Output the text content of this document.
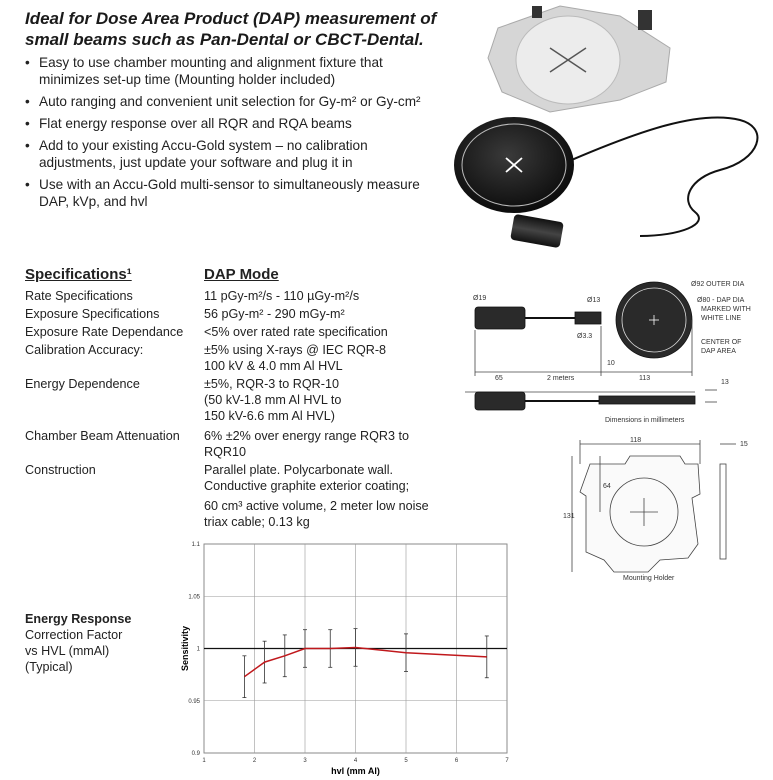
Ideal for Dose Area Product (DAP) measurement of
small beams such as Pan-Dental or CBCT-Dental.
• Easy to use chamber mounting and alignment fixture that
minimizes set-up time (Mounting holder included)
• Auto ranging and convenient unit selection for Gy-m² or Gy-cm²
• Flat energy response over all RQR and RQA beams
• Add to your existing Accu-Gold system – no calibration
adjustments, just update your software and plug it in
• Use with an Accu-Gold multi-sensor to simultaneously measure
DAP, kVp, and hvl
Specifications¹	DAP Mode
Rate Specifications	11 pGy-m²/s - 110 µGy-m²/s
Exposure Specifications	56 pGy-m² - 290 mGy-m²
Exposure Rate Dependance	<5% over rated rate specification
Calibration Accuracy:	±5% using X-rays @ IEC RQR-8
100 kV & 4.0 mm Al HVL
Energy Dependence	±5%, RQR-3 to RQR-10
(50 kV-1.8 mm Al HVL to
150 kV-6.6 mm Al HVL)
Chamber Beam Attenuation	6% ±2% over energy range RQR3 to
RQR10
Construction	Parallel plate. Polycarbonate wall.
Conductive graphite exterior coating;
60 cm³ active volume, 2 meter low noise
triax cable; 0.13 kg
Energy Response
Correction Factor
vs HVL (mmAl)
(Typical)
Ø19	Ø13
Ø3.3
Ø92 OUTER DIA
Ø80 - DAP DIA
MARKED WITH
WHITE LINE
CENTER OF
DAP AREA
10
65	2 meters	113
13
Dimensions in millimeters
118
15
131
64
Mounting Holder
1	2	3	4	5	6	7
0.9
0.95
1
1.05
1.1
hvl (mm Al)
Sensitivity
